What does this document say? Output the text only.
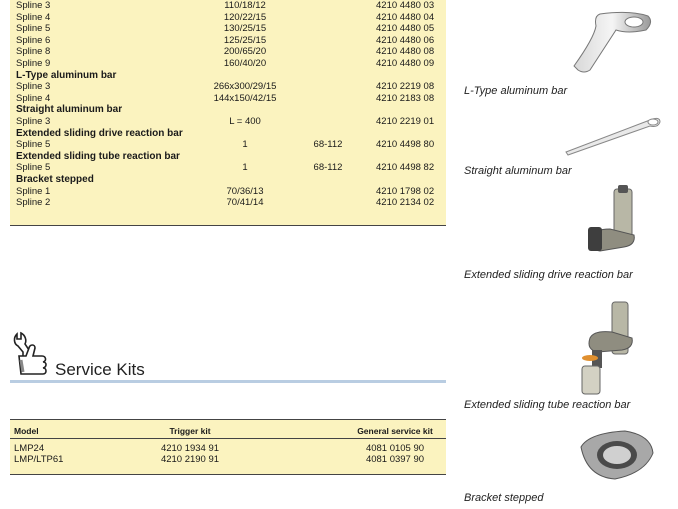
Spline 3	110/18/12	4210 4480 03
Spline 4	120/22/15	4210 4480 04
Spline 5	130/25/15	4210 4480 05
Spline 6	125/25/15	4210 4480 06
Spline 8	200/65/20	4210 4480 08
Spline 9	160/40/20	4210 4480 09
L-Type aluminum bar
Spline 3	266x300/29/15	4210 2219 08
Spline 4	144x150/42/15	4210 2183 08
Straight aluminum bar
Spline 3	L = 400	4210 2219 01
Extended sliding drive reaction bar
Spline 5	1	68-112	4210 4498 80
Extended sliding tube reaction bar
Spline 5	1	68-112	4210 4498 82
Bracket stepped
Spline 1	70/36/13	4210 1798 02
Spline 2	70/41/14	4210 2134 02
Service Kits
Model	Trigger kit	General service kit
LMP24	4210 1934 91	4081 0105 90
LMP/LTP61	4210 2190 91	4081 0397 90
L-Type aluminum bar
Straight aluminum bar
Extended sliding drive reaction bar
Extended sliding tube reaction bar
Bracket stepped
